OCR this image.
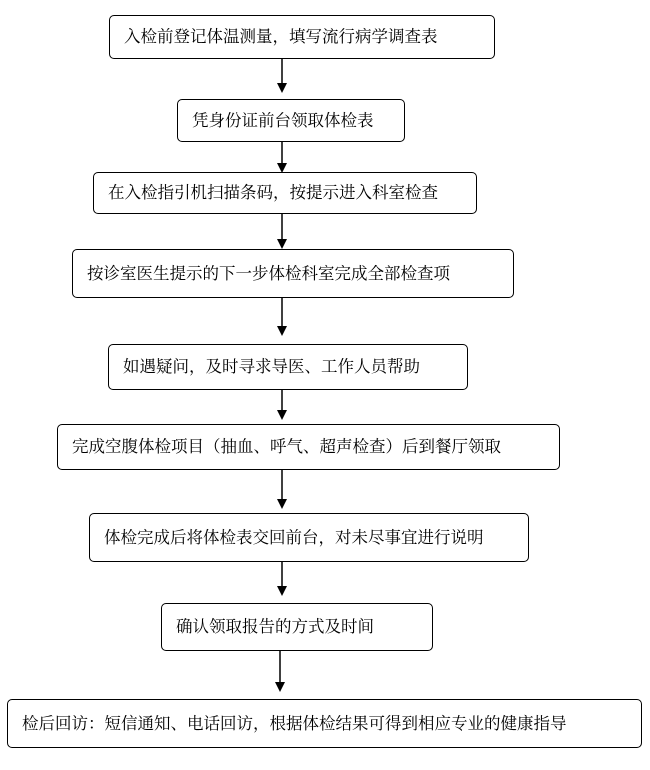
入检前登记体温测量，填写流行病学调查表
凭身份证前台领取体检表
在入检指引机扫描条码，按提示进入科室检查
按诊室医生提示的下一步体检科室完成全部检查项
如遇疑问，及时寻求导医、工作人员帮助
完成空腹体检项目（抽血、呼气、超声检查）后到餐厅领取
体检完成后将体检表交回前台，对未尽事宜进行说明
确认领取报告的方式及时间
检后回访：短信通知、电话回访，根据体检结果可得到相应专业的健康指导
